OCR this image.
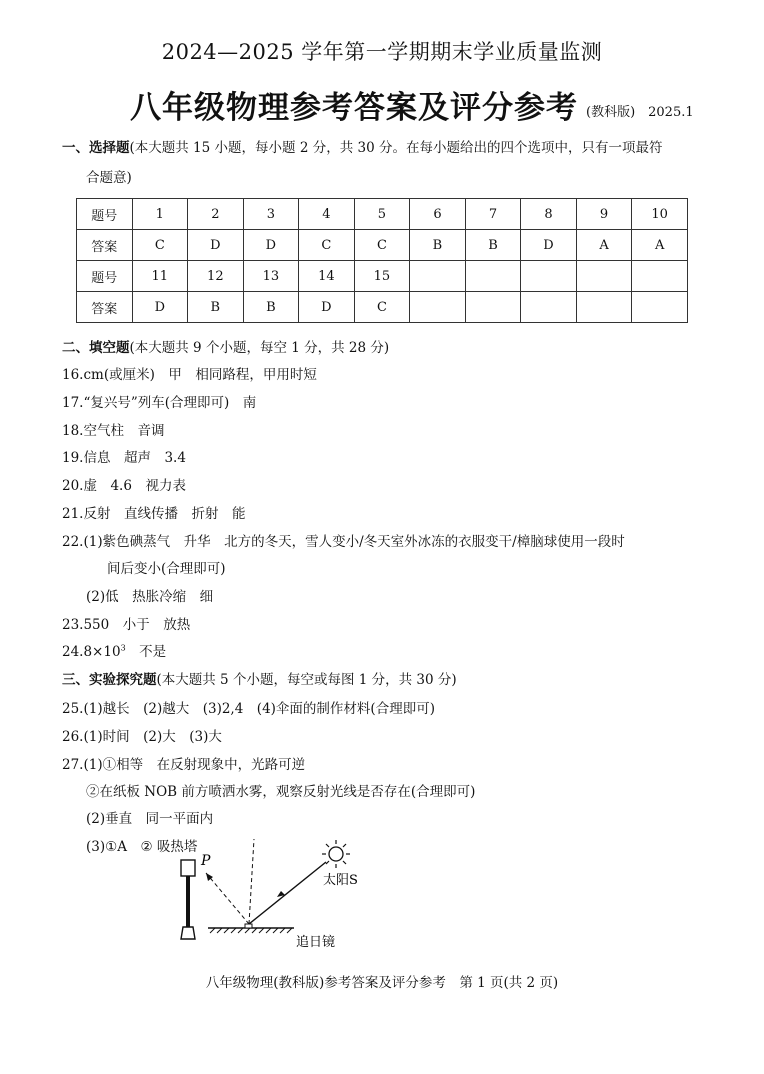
2024—2025 学年第一学期期末学业质量监测
八年级物理参考答案及评分参考 (教科版)　2025.1
一、选择题(本大题共 15 小题，每小题 2 分，共 30 分。在每小题给出的四个选项中，只有一项最符
合题意)
题号	1	2	3	4	5	6	7	8	9	10
答案	C	D	D	C	C	B	B	D	A	A
题号	11	12	13	14	15					
答案	D	B	B	D	C					
二、填空题(本大题共 9 个小题，每空 1 分，共 28 分)
16.cm(或厘米)　甲　相同路程，甲用时短
17.“复兴号”列车(合理即可)　南
18.空气柱　音调
19.信息　超声　3.4
20.虚　4.6　视力表
21.反射　直线传播　折射　能
22.(1)紫色碘蒸气　升华　北方的冬天，雪人变小/冬天室外冰冻的衣服变干/樟脑球使用一段时
间后变小(合理即可)
(2)低　热胀冷缩　细
23.550　小于　放热
$24.8\times 10^3$　不是
三、实验探究题(本大题共 5 个小题，每空或每图 1 分，共 30 分)
25.(1)越长　(2)越大　(3)2,4　(4)伞面的制作材料(合理即可)
26.(1)时间　(2)大　(3)大
27.(1)①相等　在反射现象中，光路可逆
②在纸板 NOB 前方喷洒水雾，观察反射光线是否存在(合理即可)
(2)垂直　同一平面内
(3)①A　② 吸热塔
P
太阳S
追日镜
八年级物理(教科版)参考答案及评分参考　第 1 页(共 2 页)
